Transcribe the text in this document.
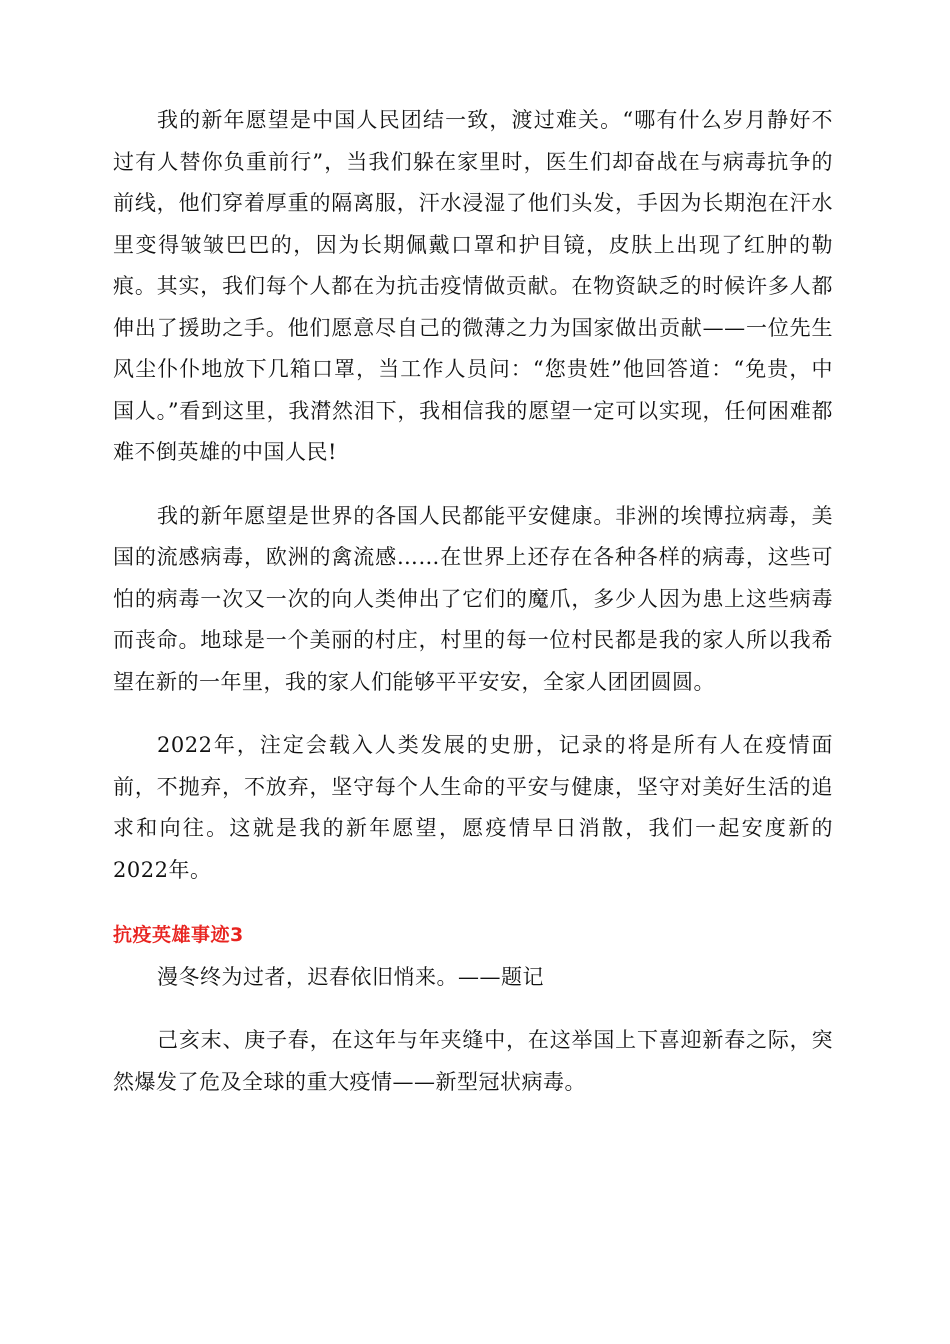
我的新年愿望是中国人民团结一致，渡过难关。“哪有什么岁月静好不过有人替你负重前行”，当我们躲在家里时，医生们却奋战在与病毒抗争的前线，他们穿着厚重的隔离服，汗水浸湿了他们头发，手因为长期泡在汗水里变得皱皱巴巴的，因为长期佩戴口罩和护目镜，皮肤上出现了红肿的勒痕。其实，我们每个人都在为抗击疫情做贡献。在物资缺乏的时候许多人都伸出了援助之手。他们愿意尽自己的微薄之力为国家做出贡献——一位先生风尘仆仆地放下几箱口罩，当工作人员问：“您贵姓”他回答道：“免贵，中国人。”看到这里，我潸然泪下，我相信我的愿望一定可以实现，任何困难都难不倒英雄的中国人民!

我的新年愿望是世界的各国人民都能平安健康。非洲的埃博拉病毒，美国的流感病毒，欧洲的禽流感……在世界上还存在各种各样的病毒，这些可怕的病毒一次又一次的向人类伸出了它们的魔爪，多少人因为患上这些病毒而丧命。地球是一个美丽的村庄，村里的每一位村民都是我的家人所以我希望在新的一年里，我的家人们能够平平安安，全家人团团圆圆。

2022年，注定会载入人类发展的史册，记录的将是所有人在疫情面前，不抛弃，不放弃，坚守每个人生命的平安与健康，坚守对美好生活的追求和向往。这就是我的新年愿望，愿疫情早日消散，我们一起安度新的2022年。

抗疫英雄事迹3

漫冬终为过者，迟春依旧悄来。——题记

己亥末、庚子春，在这年与年夹缝中，在这举国上下喜迎新春之际，突然爆发了危及全球的重大疫情——新型冠状病毒。
